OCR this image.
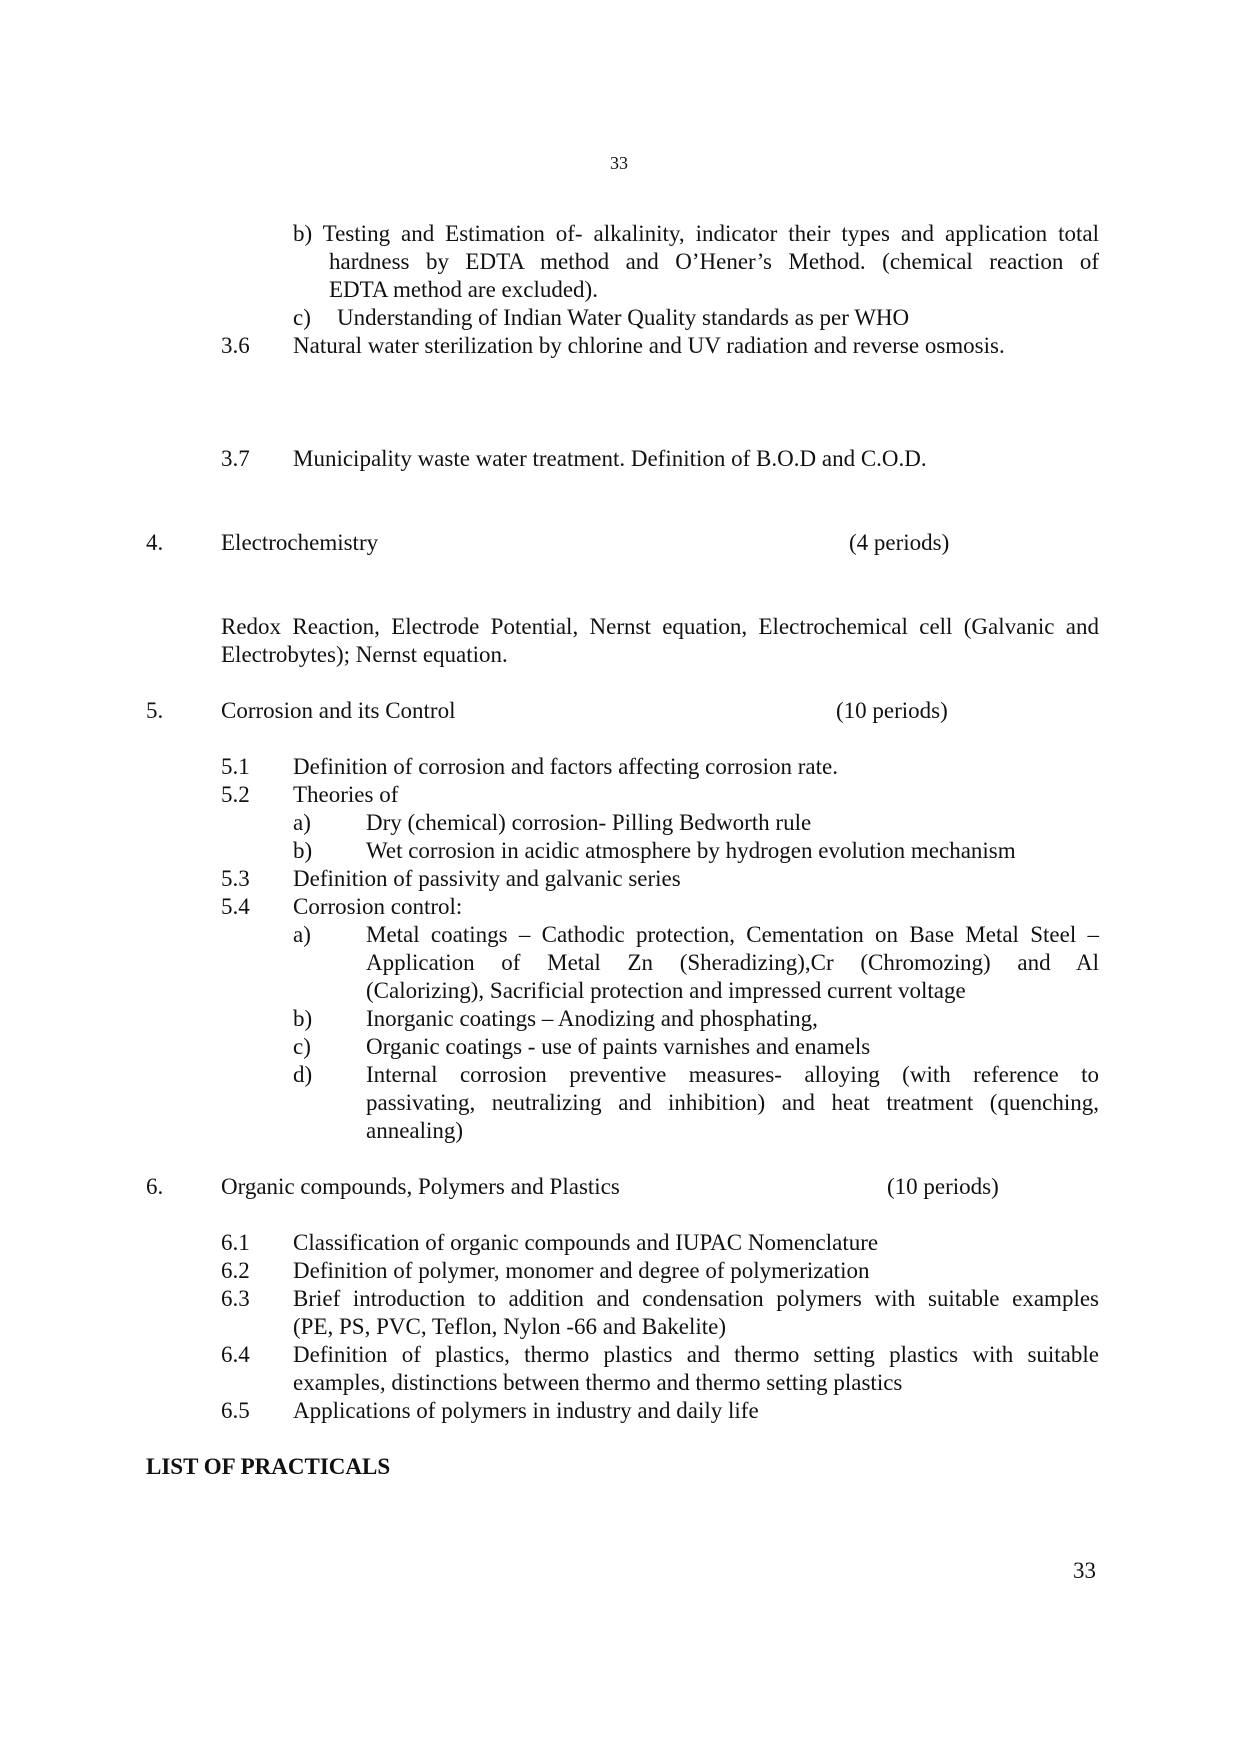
33
b) Testing and Estimation of- alkalinity, indicator their types and application total
hardness by EDTA method and O’Hener’s Method. (chemical reaction of
EDTA method are excluded).
c) Understanding of Indian Water Quality standards as per WHO
3.6 Natural water sterilization by chlorine and UV radiation and reverse osmosis.
3.7 Municipality waste water treatment. Definition of B.O.D and C.O.D.
4.	Electrochemistry	(4 periods)
Redox Reaction, Electrode Potential, Nernst equation, Electrochemical cell (Galvanic and
Electrobytes); Nernst equation.
5.	Corrosion and its Control	(10 periods)
5.1 Definition of corrosion and factors affecting corrosion rate.
5.2 Theories of
a) Dry (chemical) corrosion- Pilling Bedworth rule
b) Wet corrosion in acidic atmosphere by hydrogen evolution mechanism
5.3 Definition of passivity and galvanic series
5.4 Corrosion control:
a) Metal coatings – Cathodic protection, Cementation on Base Metal Steel –
Application of Metal Zn (Sheradizing),Cr (Chromozing) and Al
(Calorizing), Sacrificial protection and impressed current voltage
b) Inorganic coatings – Anodizing and phosphating,
c) Organic coatings - use of paints varnishes and enamels
d) Internal corrosion preventive measures- alloying (with reference to
passivating, neutralizing and inhibition) and heat treatment (quenching,
annealing)
6.	Organic compounds, Polymers and Plastics	(10 periods)
6.1 Classification of organic compounds and IUPAC Nomenclature
6.2 Definition of polymer, monomer and degree of polymerization
6.3 Brief introduction to addition and condensation polymers with suitable examples
(PE, PS, PVC, Teflon, Nylon -66 and Bakelite)
6.4 Definition of plastics, thermo plastics and thermo setting plastics with suitable
examples, distinctions between thermo and thermo setting plastics
6.5 Applications of polymers in industry and daily life
LIST OF PRACTICALS
33
